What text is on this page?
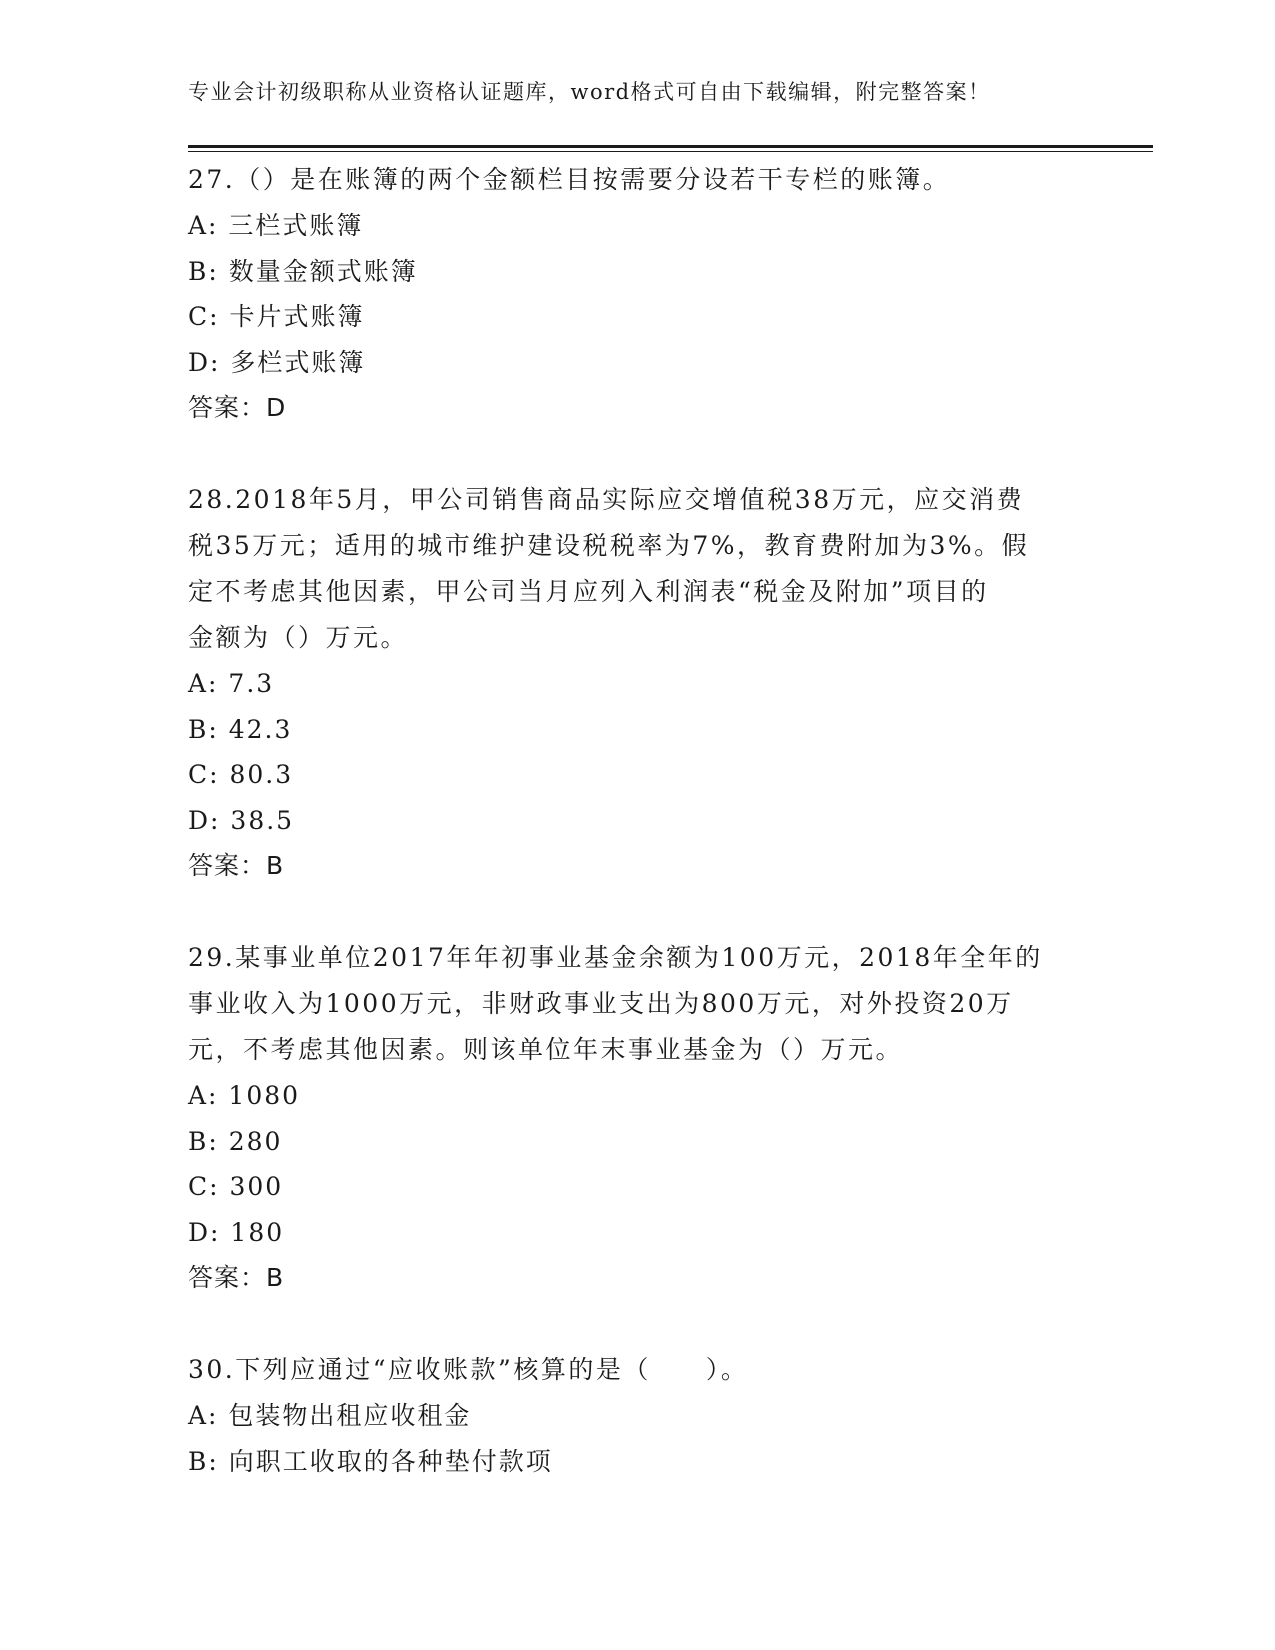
专业会计初级职称从业资格认证题库，word格式可自由下载编辑，附完整答案！

27.（）是在账簿的两个金额栏目按需要分设若干专栏的账簿。

A: 三栏式账簿

B: 数量金额式账簿

C: 卡片式账簿

D: 多栏式账簿

答案：D

28.2018年5月，甲公司销售商品实际应交增值税38万元，应交消费

税35万元；适用的城市维护建设税税率为7%，教育费附加为3%。假

定不考虑其他因素，甲公司当月应列入利润表“税金及附加”项目的

金额为（）万元。

A: 7.3

B: 42.3

C: 80.3

D: 38.5

答案：B

29.某事业单位2017年年初事业基金余额为100万元，2018年全年的

事业收入为1000万元，非财政事业支出为800万元，对外投资20万

元，不考虑其他因素。则该单位年末事业基金为（）万元。

A: 1080

B: 280

C: 300

D: 180

答案：B

30.下列应通过“应收账款”核算的是（　　）。

A: 包装物出租应收租金

B: 向职工收取的各种垫付款项
